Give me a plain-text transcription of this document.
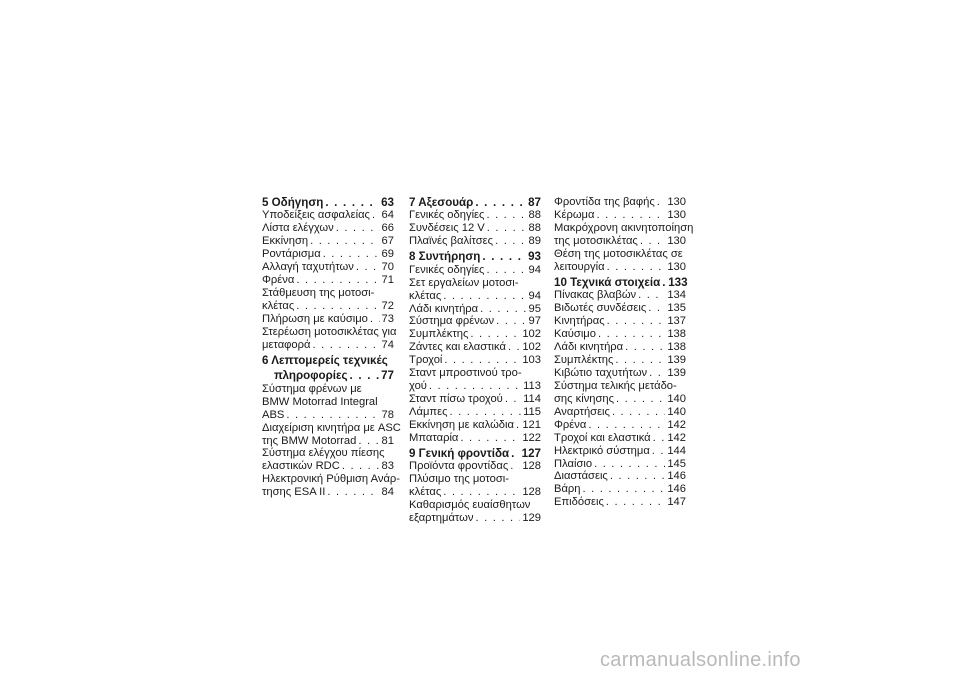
5 Οδήγηση . . .	63
Υποδείξεις ασφαλείας . . . 64
Λίστα ελέγχων . . .	66
Εκκίνηση . . .	67
Ροντάρισμα . . .	69
Αλλαγή ταχυτήτων . . . 70
Φρένα . . .	71
Στάθμευση της μοτοσι-
κλέτας . . .	72
Πλήρωση με καύσιμο . . . 73
Στερέωση μοτοσικλέτας για
μεταφορά . . .	74
6 Λεπτομερείς τεχνικές
πληροφορίες . . .	77
Σύστημα φρένων με
BMW Motorrad Integral
ABS . . .	78
Διαχείριση κινητήρα με ASC
της BMW Motorrad . . . 81
Σύστημα ελέγχου πίεσης
ελαστικών RDC . . .	83
Ηλεκτρονική Ρύθμιση Ανάρ-
τησης ESA II . . .	84
7 Αξεσουάρ . . .	87
Γενικές οδηγίες . . .	88
Συνδέσεις 12 V . . .	88
Πλαϊνές βαλίτσες . . .	89
8 Συντήρηση . . .	93
Γενικές οδηγίες . . .	94
Σετ εργαλείων μοτοσι-
κλέτας . . .	94
Λάδι κινητήρα . . .	95
Σύστημα φρένων . . .	97
Συμπλέκτης . . .	102
Ζάντες και ελαστικά . . . 102
Τροχοί . . .	103
Σταντ μπροστινού τρο-
χού . . .	113
Σταντ πίσω τροχού . . . 114
Λάμπες . . .	115
Εκκίνηση με καλώδια . . . 121
Μπαταρία . . .	122
9 Γενική φροντίδα . . . 127
Προϊόντα φροντίδας . . . 128
Πλύσιμο της μοτοσι-
κλέτας . . .	128
Καθαρισμός ευαίσθητων
εξαρτημάτων . . .	129
Φροντίδα της βαφής . . . 130
Κέρωμα . . .	130
Μακρόχρονη ακινητοποίηση
της μοτοσικλέτας . . .	130
Θέση της μοτοσικλέτας σε
λειτουργία . . .	130
10 Τεχνικά στοιχεία . . . 133
Πίνακας βλαβών . . .	134
Βιδωτές συνδέσεις . . . 135
Κινητήρας . . .	137
Καύσιμο . . .	138
Λάδι κινητήρα . . .	138
Συμπλέκτης . . .	139
Κιβώτιο ταχυτήτων . . . 139
Σύστημα τελικής μετάδο-
σης κίνησης . . .	140
Αναρτήσεις . . .	140
Φρένα . . .	142
Τροχοί και ελαστικά . . . 142
Ηλεκτρικό σύστημα . . . 144
Πλαίσιο . . .	145
Διαστάσεις . . .	146
Βάρη . . .	146
Επιδόσεις . . .	147
carmanualsonline.info
